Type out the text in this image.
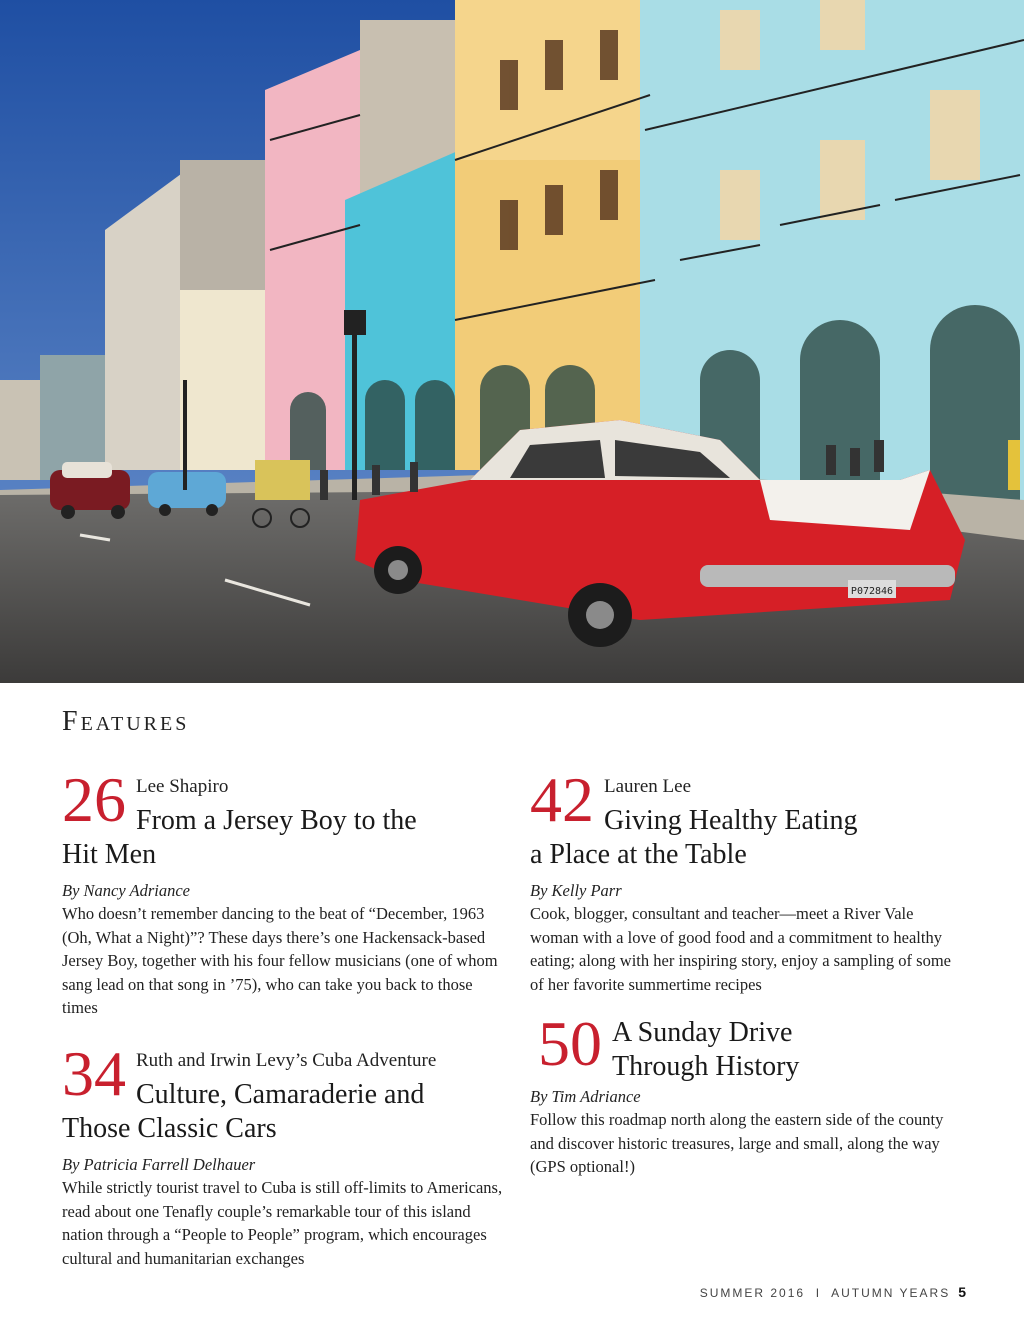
P072846
Features
26 Lee Shapiro
From a Jersey Boy to the
Hit Men
By Nancy Adriance
Who doesn’t remember dancing to the beat of “December, 1963 (Oh, What a Night)”? These days there’s one Hackensack-based Jersey Boy, together with his four fellow musicians (one of whom sang lead on that song in ’75), who can take you back to those times
34 Ruth and Irwin Levy’s Cuba Adventure
Culture, Camaraderie and
Those Classic Cars
By Patricia Farrell Delhauer
While strictly tourist travel to Cuba is still off-limits to Americans, read about one Tenafly couple’s remarkable tour of this island nation through a “People to People” program, which encourages cultural and humanitarian exchanges
42 Lauren Lee
Giving Healthy Eating
a Place at the Table
By Kelly Parr
Cook, blogger, consultant and teacher—meet a River Vale woman with a love of good food and a commitment to healthy eating; along with her inspiring story, enjoy a sampling of some of her favorite summertime recipes
50 A Sunday Drive
Through History
By Tim Adriance
Follow this roadmap north along the eastern side of the county and discover historic treasures, large and small, along the way (GPS optional!)
SUMMER 2016  I  AUTUMN YEARS 5
